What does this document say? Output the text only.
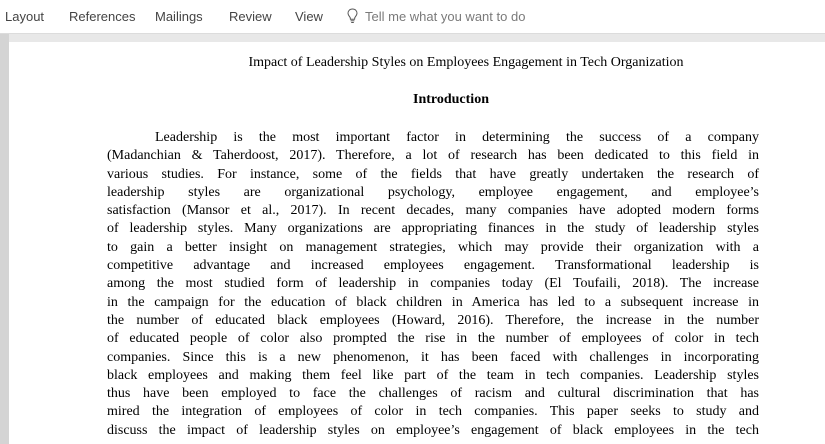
Layout References Mailings Review View	Tell me what you want to do
Impact of Leadership Styles on Employees Engagement in Tech Organization
Introduction
Leadership is the most important factor in determining the success of a company
(Madanchian & Taherdoost, 2017). Therefore, a lot of research has been dedicated to this field in
various studies. For instance, some of the fields that have greatly undertaken the research of
leadership styles are organizational psychology, employee engagement, and employee’s
satisfaction (Mansor et al., 2017). In recent decades, many companies have adopted modern forms
of leadership styles. Many organizations are appropriating finances in the study of leadership styles
to gain a better insight on management strategies, which may provide their organization with a
competitive advantage and increased employees engagement. Transformational leadership is
among the most studied form of leadership in companies today (El Toufaili, 2018). The increase
in the campaign for the education of black children in America has led to a subsequent increase in
the number of educated black employees (Howard, 2016). Therefore, the increase in the number
of educated people of color also prompted the rise in the number of employees of color in tech
companies. Since this is a new phenomenon, it has been faced with challenges in incorporating
black employees and making them feel like part of the team in tech companies. Leadership styles
thus have been employed to face the challenges of racism and cultural discrimination that has
mired the integration of employees of color in tech companies. This paper seeks to study and
discuss the impact of leadership styles on employee’s engagement of black employees in the tech
